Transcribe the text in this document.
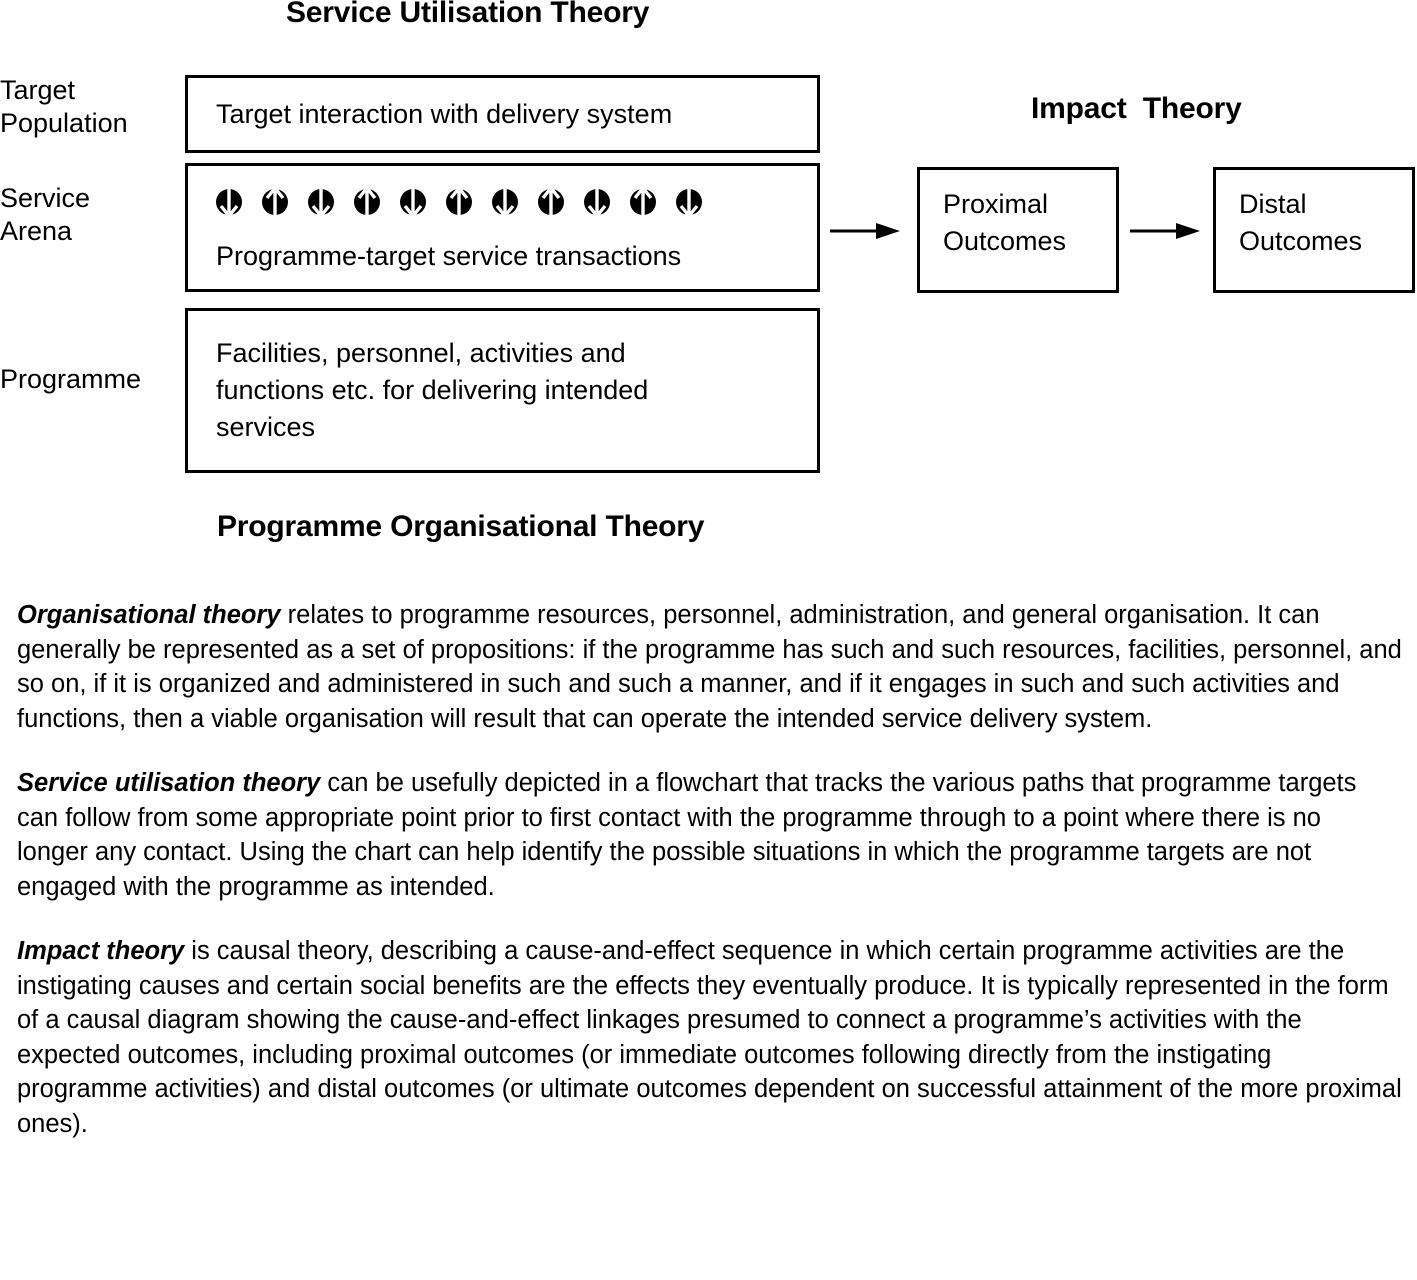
Service Utilisation Theory
Impact  Theory
Programme Organisational Theory
Target
Population
Service
Arena
Programme
Target interaction with delivery system
Programme-target service transactions
Facilities, personnel, activities and
functions etc. for delivering intended
services
Proximal
Outcomes
Distal
Outcomes

Organisational theory relates to programme resources, personnel, administration, and general organisation. It can generally be represented as a set of propositions: if the programme has such and such resources, facilities, personnel, and so on, if it is organized and administered in such and such a manner, and if it engages in such and such activities and functions, then a viable organisation will result that can operate the intended service delivery system.

Service utilisation theory can be usefully depicted in a flowchart that tracks the various paths that programme targets can follow from some appropriate point prior to first contact with the programme through to a point where there is no longer any contact. Using the chart can help identify the possible situations in which the programme targets are not engaged with the programme as intended.

Impact theory is causal theory, describing a cause-and-effect sequence in which certain programme activities are the instigating causes and certain social benefits are the effects they eventually produce. It is typically represented in the form of a causal diagram showing the cause-and-effect linkages presumed to connect a programme’s activities with the expected outcomes, including proximal outcomes (or immediate outcomes following directly from the instigating programme activities) and distal outcomes (or ultimate outcomes dependent on successful attainment of the more proximal ones).
